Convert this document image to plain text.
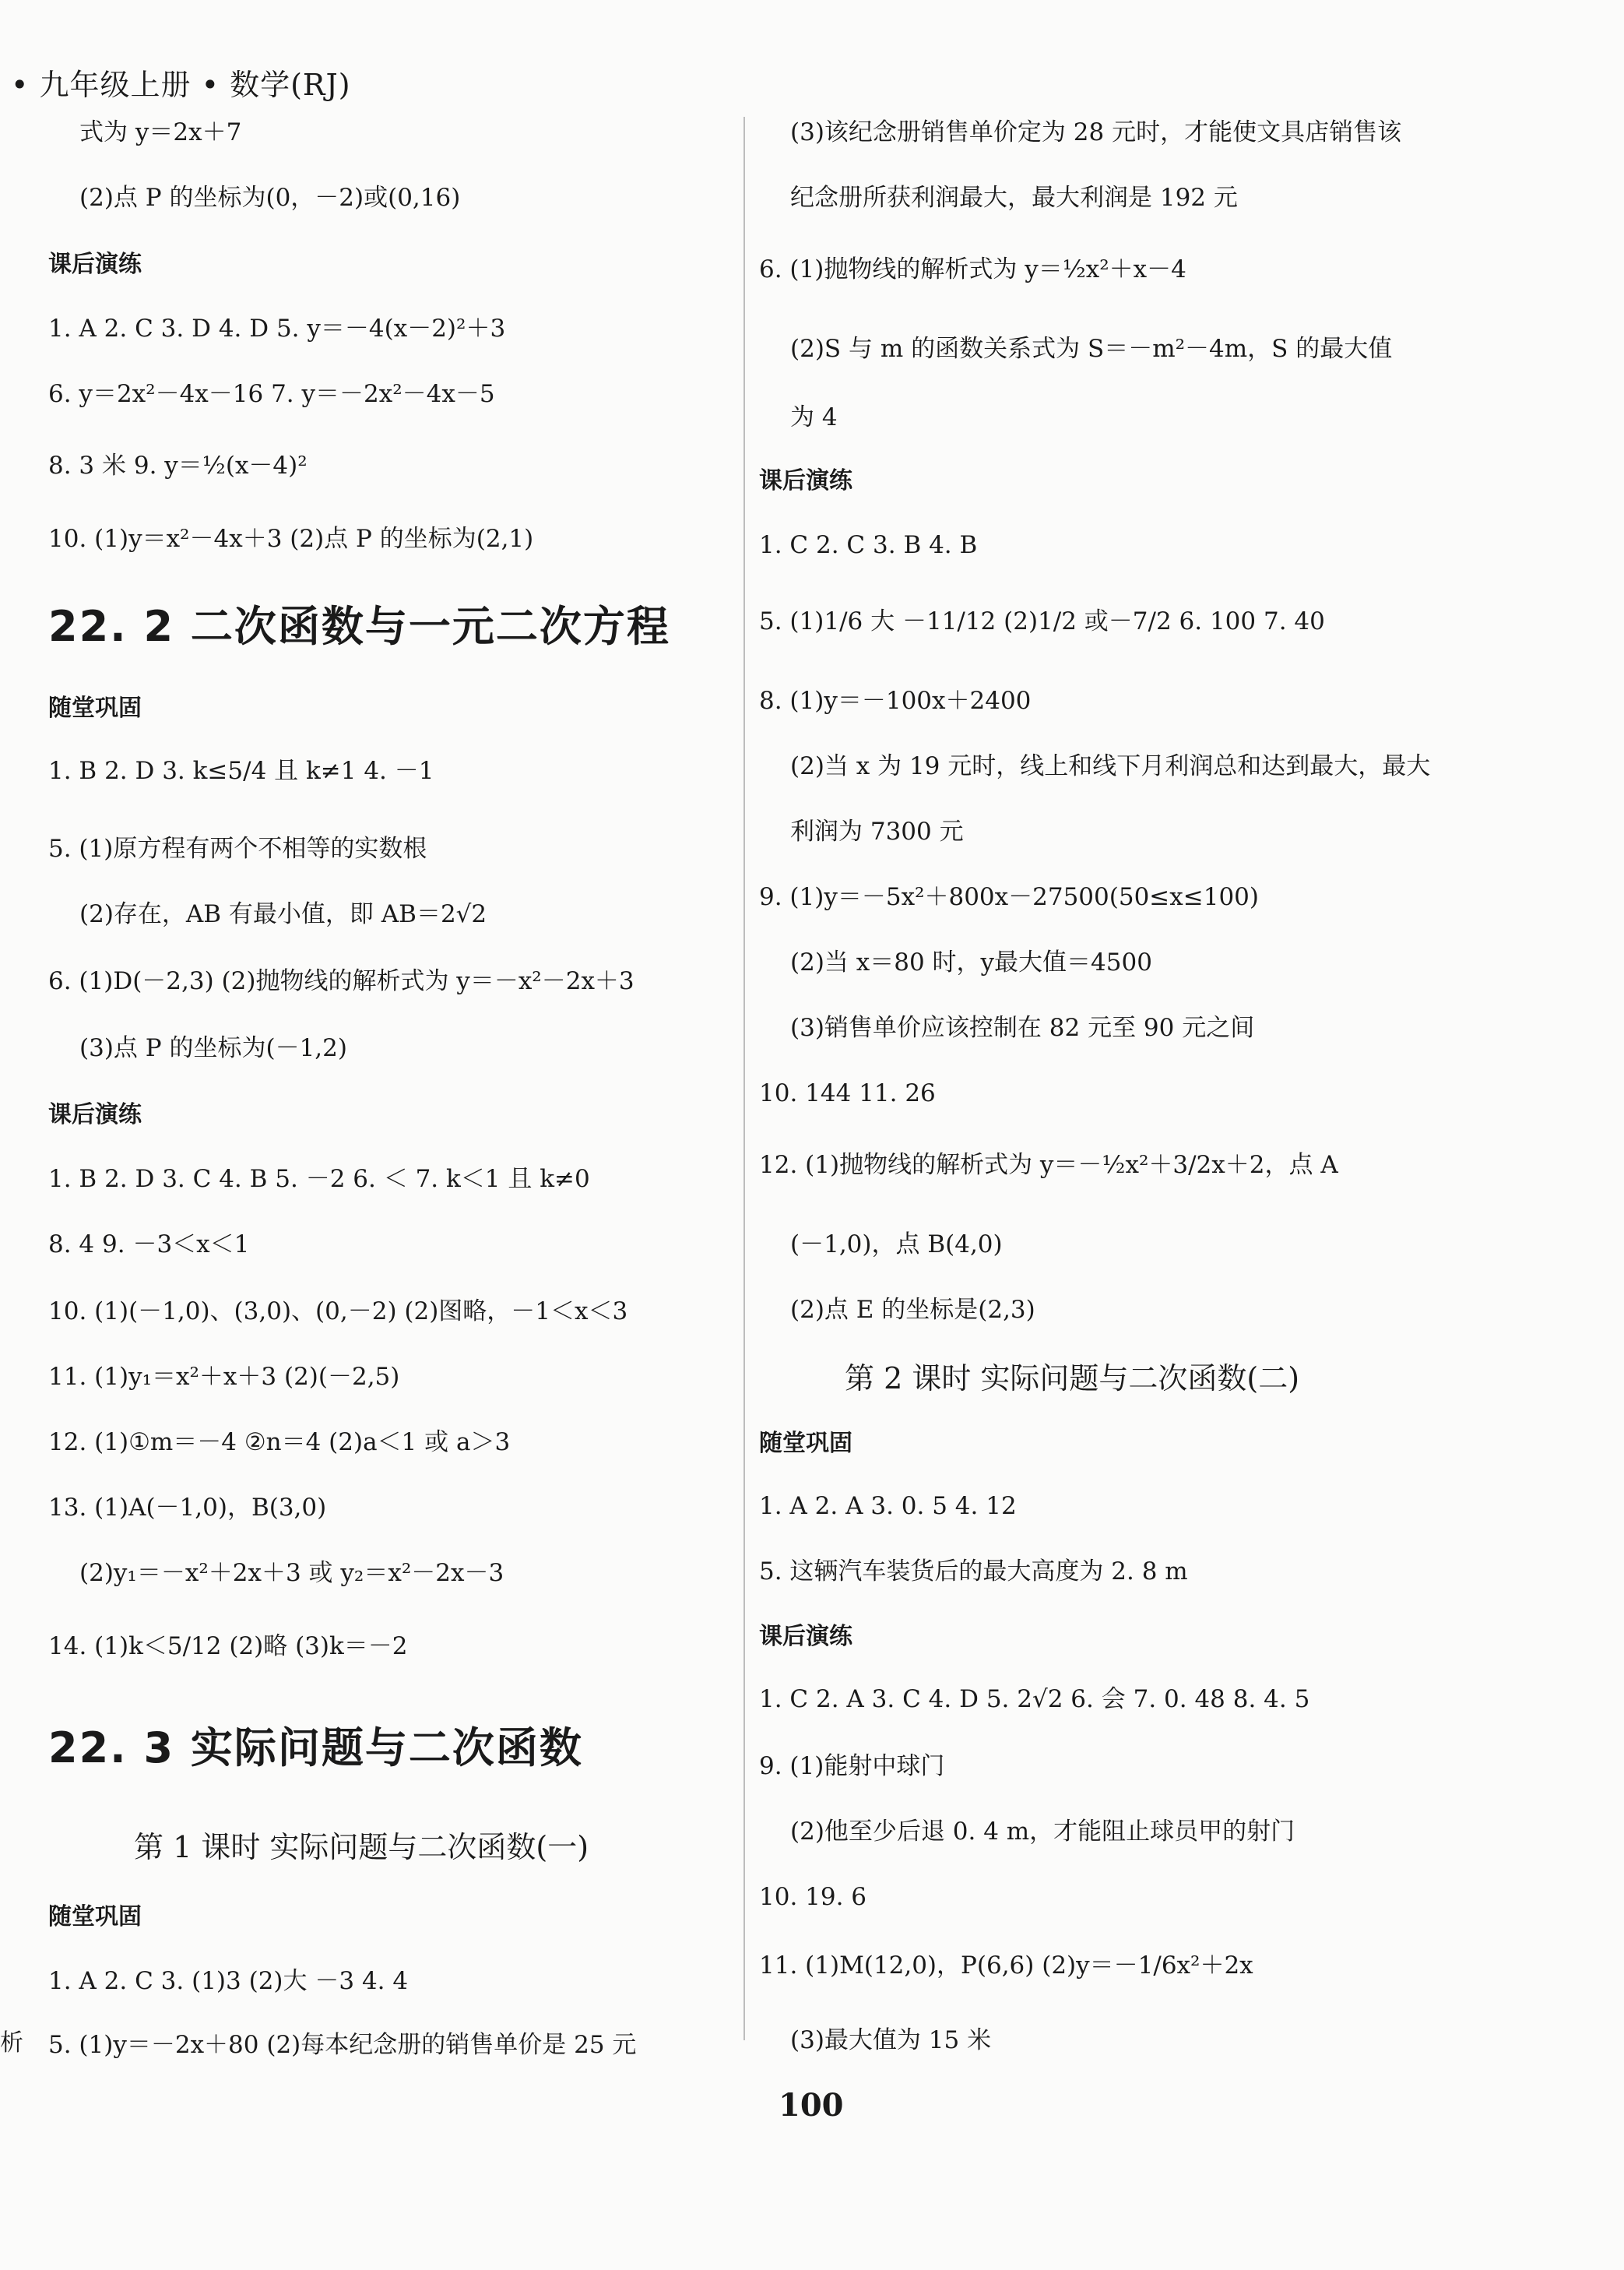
• 九年级上册 • 数学(RJ)
式为 y＝2x＋7
(2)点 P 的坐标为(0，－2)或(0,16)
课后演练
1. A 2. C 3. D 4. D 5. y＝－4(x－2)²＋3
6. y＝2x²－4x－16 7. y＝－2x²－4x－5
8. 3 米 9. y＝½(x－4)²
10. (1)y＝x²－4x＋3 (2)点 P 的坐标为(2,1)
22. 2 二次函数与一元二次方程
随堂巩固
1. B 2. D 3. k≤5/4 且 k≠1 4. －1
5. (1)原方程有两个不相等的实数根
(2)存在，AB 有最小值，即 AB＝2√2
6. (1)D(－2,3) (2)抛物线的解析式为 y＝－x²－2x＋3
(3)点 P 的坐标为(－1,2)
课后演练
1. B 2. D 3. C 4. B 5. －2 6. ＜ 7. k＜1 且 k≠0
8. 4 9. －3＜x＜1
10. (1)(－1,0)、(3,0)、(0,－2) (2)图略，－1＜x＜3
11. (1)y₁＝x²＋x＋3 (2)(－2,5)
12. (1)①m＝－4 ②n＝4 (2)a＜1 或 a＞3
13. (1)A(－1,0)，B(3,0)
(2)y₁＝－x²＋2x＋3 或 y₂＝x²－2x－3
14. (1)k＜5/12 (2)略 (3)k＝－2
22. 3 实际问题与二次函数
第 1 课时 实际问题与二次函数(一)
随堂巩固
1. A 2. C 3. (1)3 (2)大 －3 4. 4
5. (1)y＝－2x＋80 (2)每本纪念册的销售单价是 25 元
(3)该纪念册销售单价定为 28 元时，才能使文具店销售该
纪念册所获利润最大，最大利润是 192 元
6. (1)抛物线的解析式为 y＝½x²＋x－4
(2)S 与 m 的函数关系式为 S＝－m²－4m，S 的最大值
为 4
课后演练
1. C 2. C 3. B 4. B
5. (1)1/6 大 －11/12 (2)1/2 或－7/2 6. 100 7. 40
8. (1)y＝－100x＋2400
(2)当 x 为 19 元时，线上和线下月利润总和达到最大，最大
利润为 7300 元
9. (1)y＝－5x²＋800x－27500(50≤x≤100)
(2)当 x＝80 时，y最大值＝4500
(3)销售单价应该控制在 82 元至 90 元之间
10. 144 11. 26
12. (1)抛物线的解析式为 y＝－½x²＋3/2x＋2，点 A
(－1,0)，点 B(4,0)
(2)点 E 的坐标是(2,3)
第 2 课时 实际问题与二次函数(二)
随堂巩固
1. A 2. A 3. 0. 5 4. 12
5. 这辆汽车装货后的最大高度为 2. 8 m
课后演练
1. C 2. A 3. C 4. D 5. 2√2 6. 会 7. 0. 48 8. 4. 5
9. (1)能射中球门
(2)他至少后退 0. 4 m，才能阻止球员甲的射门
10. 19. 6
11. (1)M(12,0)，P(6,6) (2)y＝－1/6x²＋2x
(3)最大值为 15 米
100
析
